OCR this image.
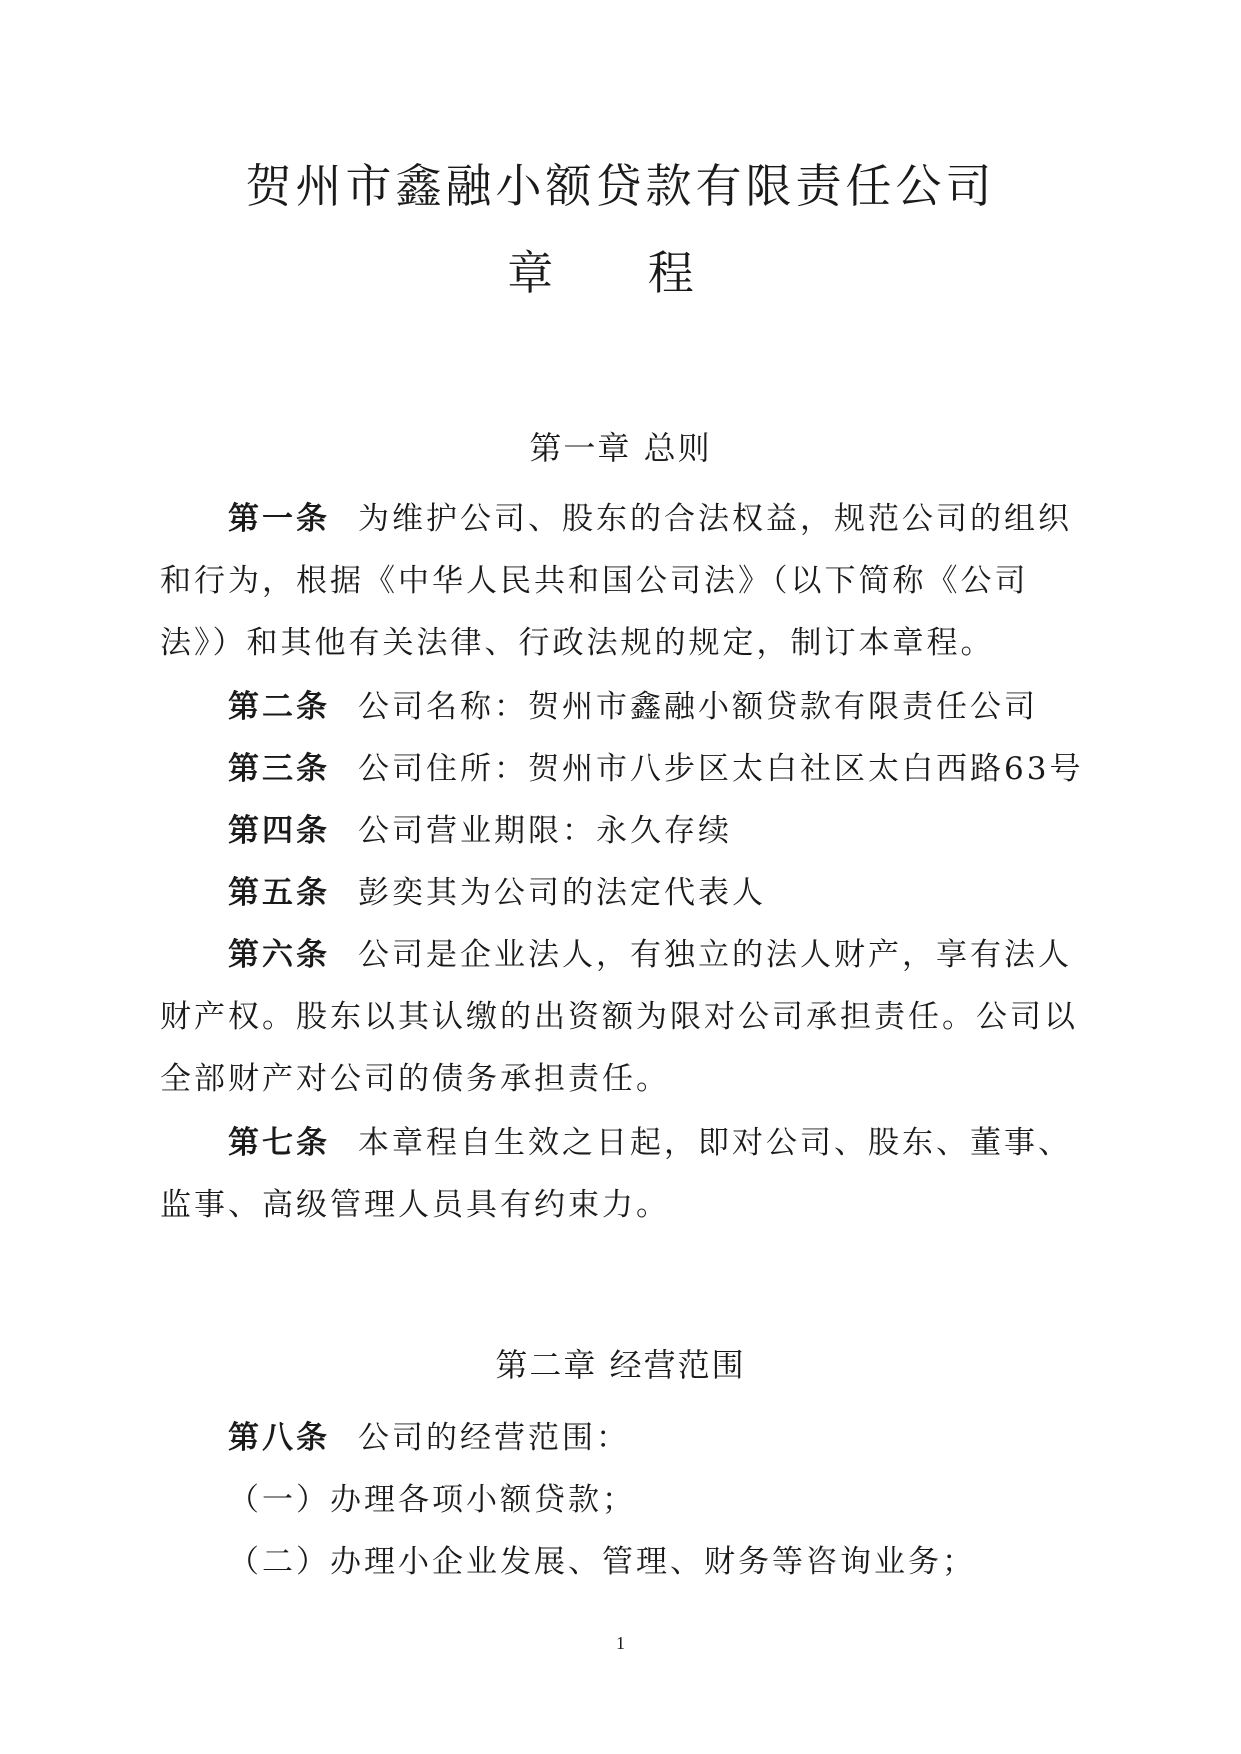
贺州市鑫融小额贷款有限责任公司
章 程
第一章 总则

第一条 为维护公司、股东的合法权益，规范公司的组织和行为，根据《中华人民共和国公司法》（以下简称《公司法》）和其他有关法律、行政法规的规定，制订本章程。

第二条 公司名称：贺州市鑫融小额贷款有限责任公司

第三条 公司住所：贺州市八步区太白社区太白西路63号

第四条 公司营业期限：永久存续

第五条 彭奕其为公司的法定代表人

第六条 公司是企业法人，有独立的法人财产，享有法人财产权。股东以其认缴的出资额为限对公司承担责任。公司以全部财产对公司的债务承担责任。

第七条 本章程自生效之日起，即对公司、股东、董事、监事、高级管理人员具有约束力。

第二章 经营范围

第八条 公司的经营范围：

（一）办理各项小额贷款；

（二）办理小企业发展、管理、财务等咨询业务；

1
